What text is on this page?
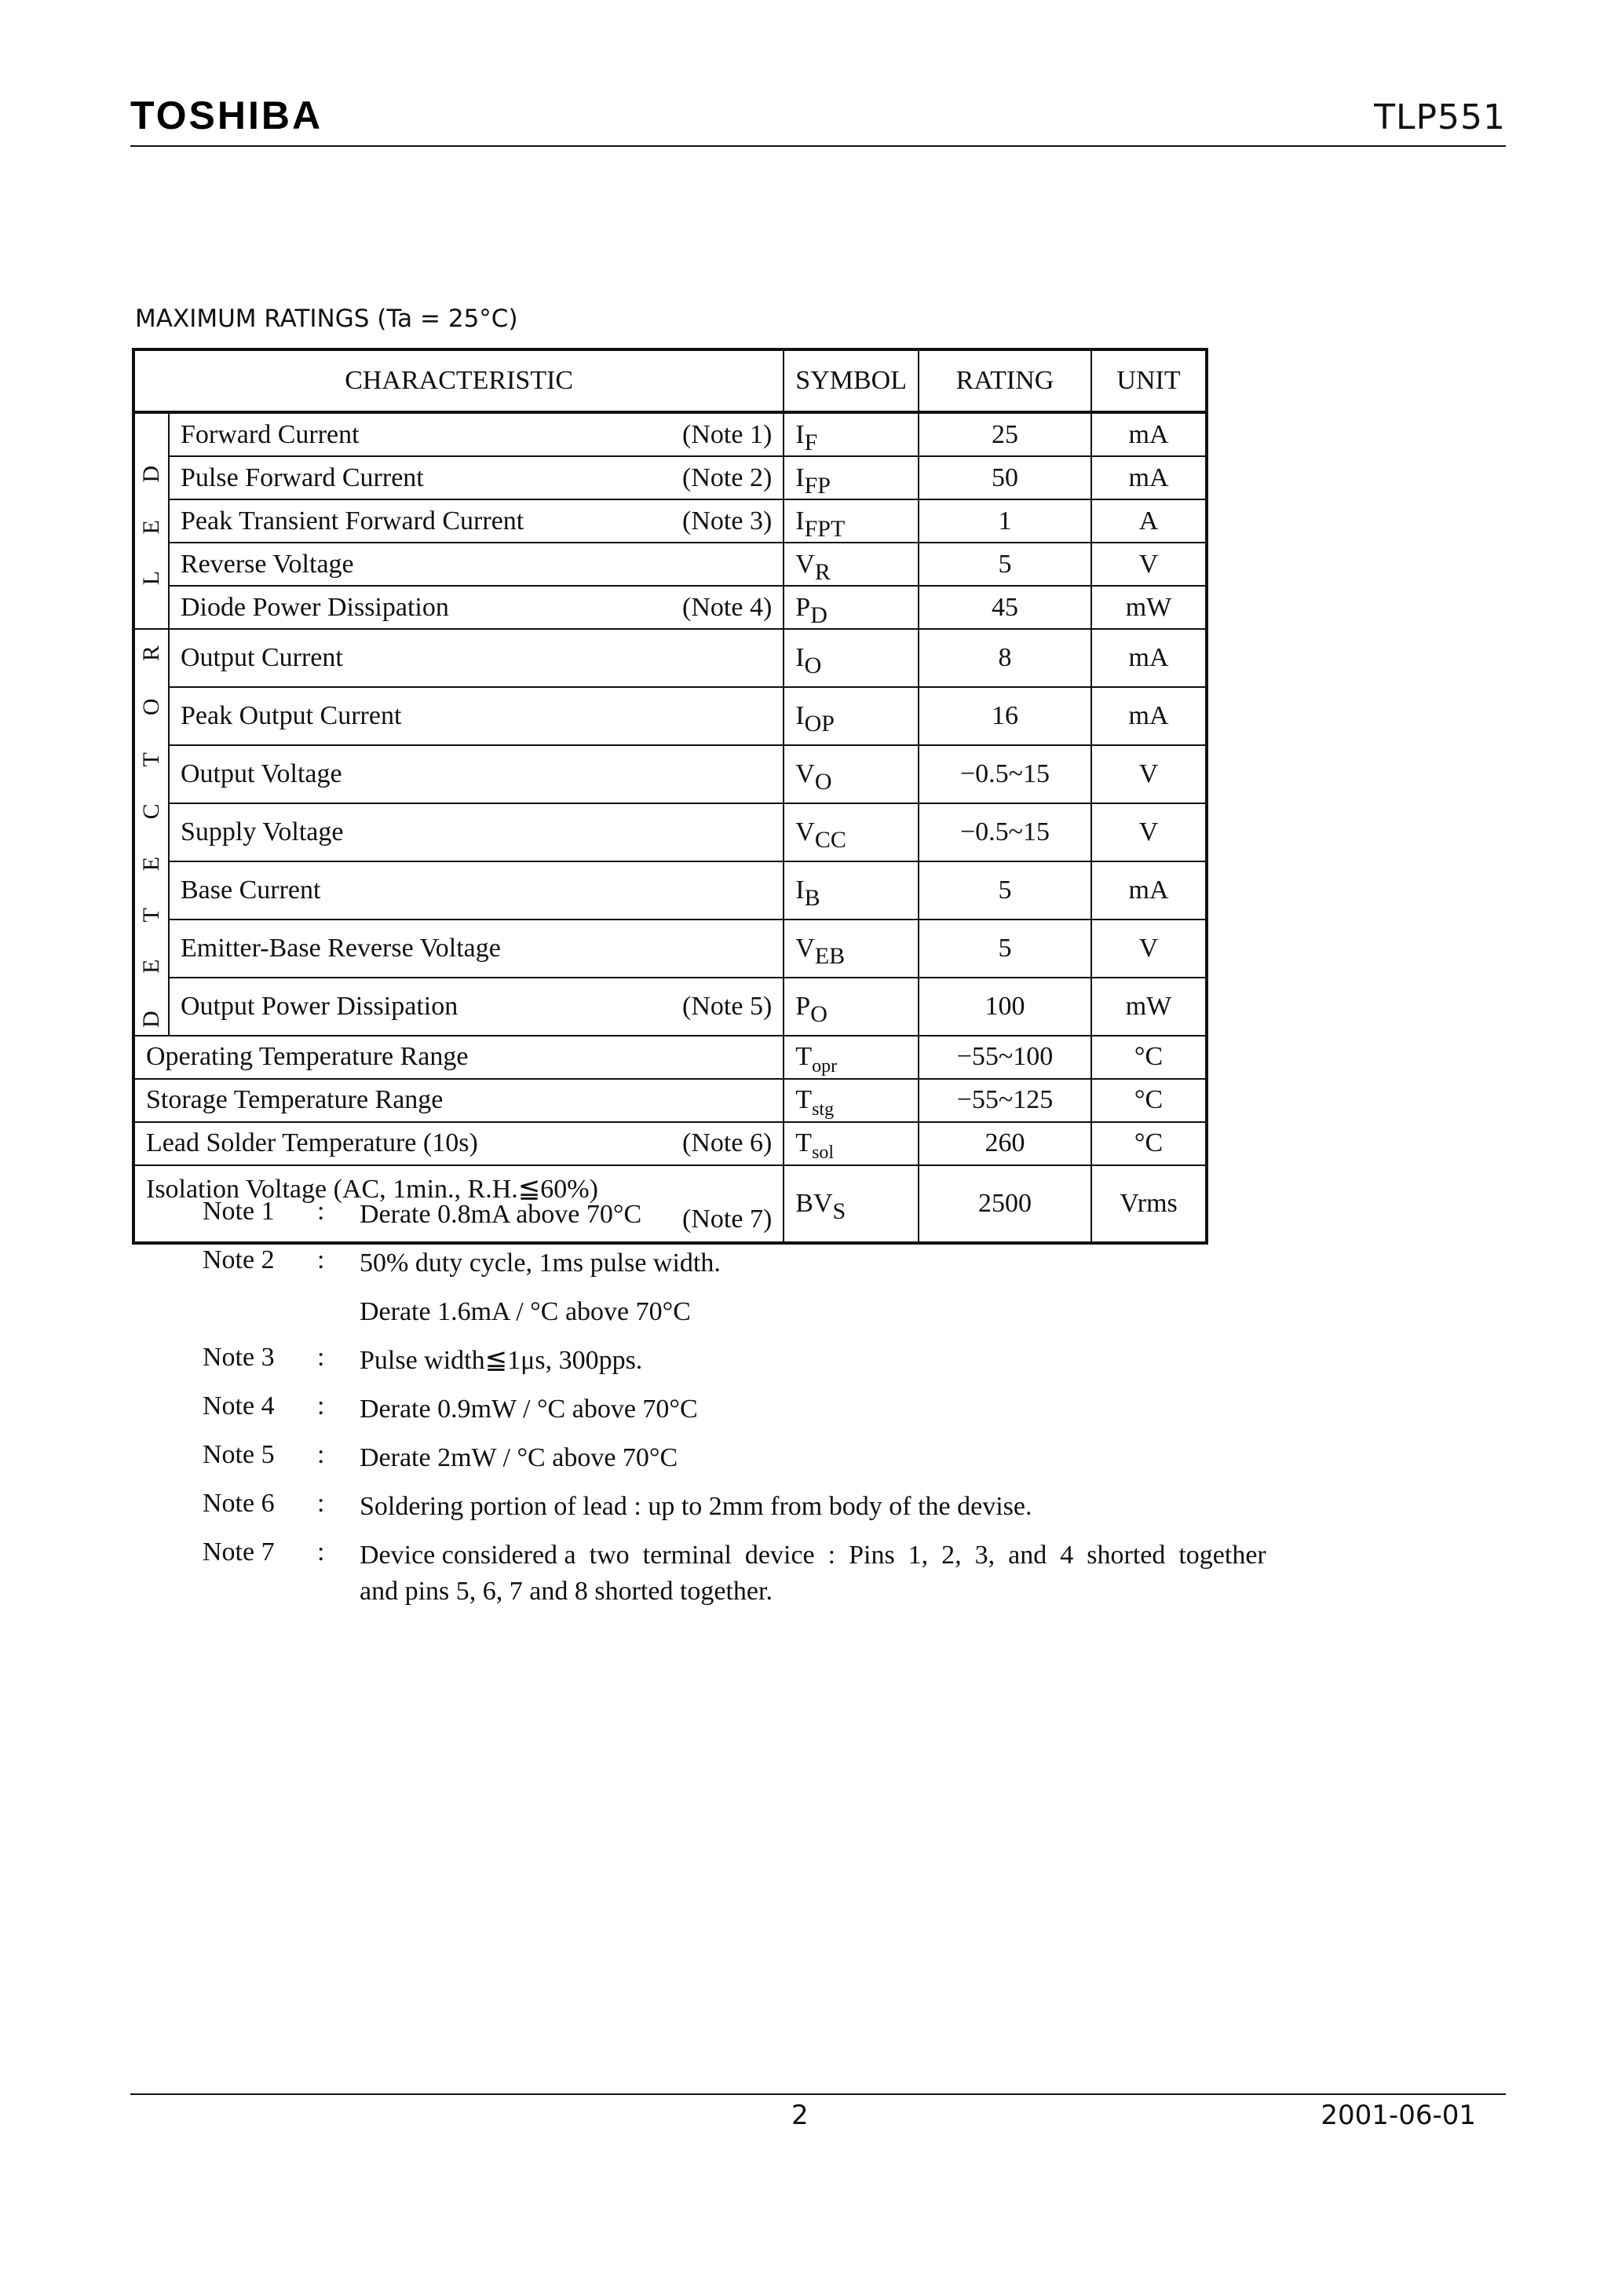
TOSHIBA	TLP551
MAXIMUM RATINGS (Ta = 25°C)
CHARACTERISTIC		SYMBOL	RATING	UNIT
L E D	Forward Current (Note 1)	IF	25	mA

	Pulse Forward Current (Note 2)	IFP	50	mA

	Peak Transient Forward Current (Note 3)	IFPT	1	A

	Reverse Voltage	VR	5	V

	Diode Power Dissipation (Note 4)	PD	45	mW
D E T E C T O R	Output Current	IO	8	mA

	Peak Output Current	IOP	16	mA

	Output Voltage	VO	−0.5~15	V

	Supply Voltage	VCC	−0.5~15	V

	Base Current	IB	5	mA

	Emitter-Base Reverse Voltage	VEB	5	V

	Output Power Dissipation (Note 5)	PO	100	mW

Operating Temperature Range		$T_{opr}$	−55~100	°C

Storage Temperature Range		$T_{stg}$	−55~125	°C

Lead Solder Temperature (10s) (Note 6)		$T_{sol}$	260	°C

Isolation Voltage (AC, 1min., R.H.≦60%)
(Note 7)		BVS	2500	Vrms
Note 1	:	Derate 0.8mA above 70°C
Note 2	:	50% duty cycle, 1ms pulse width.
Derate 1.6mA / °C above 70°C
Note 3	:	Pulse width≦1μs, 300pps.
Note 4	:	Derate 0.9mW / °C above 70°C
Note 5	:	Derate 2mW / °C above 70°C
Note 6	:	Soldering portion of lead : up to 2mm from body of the devise.
Note 7	:	Device considered a  two  terminal  device  :  Pins  1,  2,  3,  and  4  shorted  together
and pins 5, 6, 7 and 8 shorted together.
2	2001-06-01
